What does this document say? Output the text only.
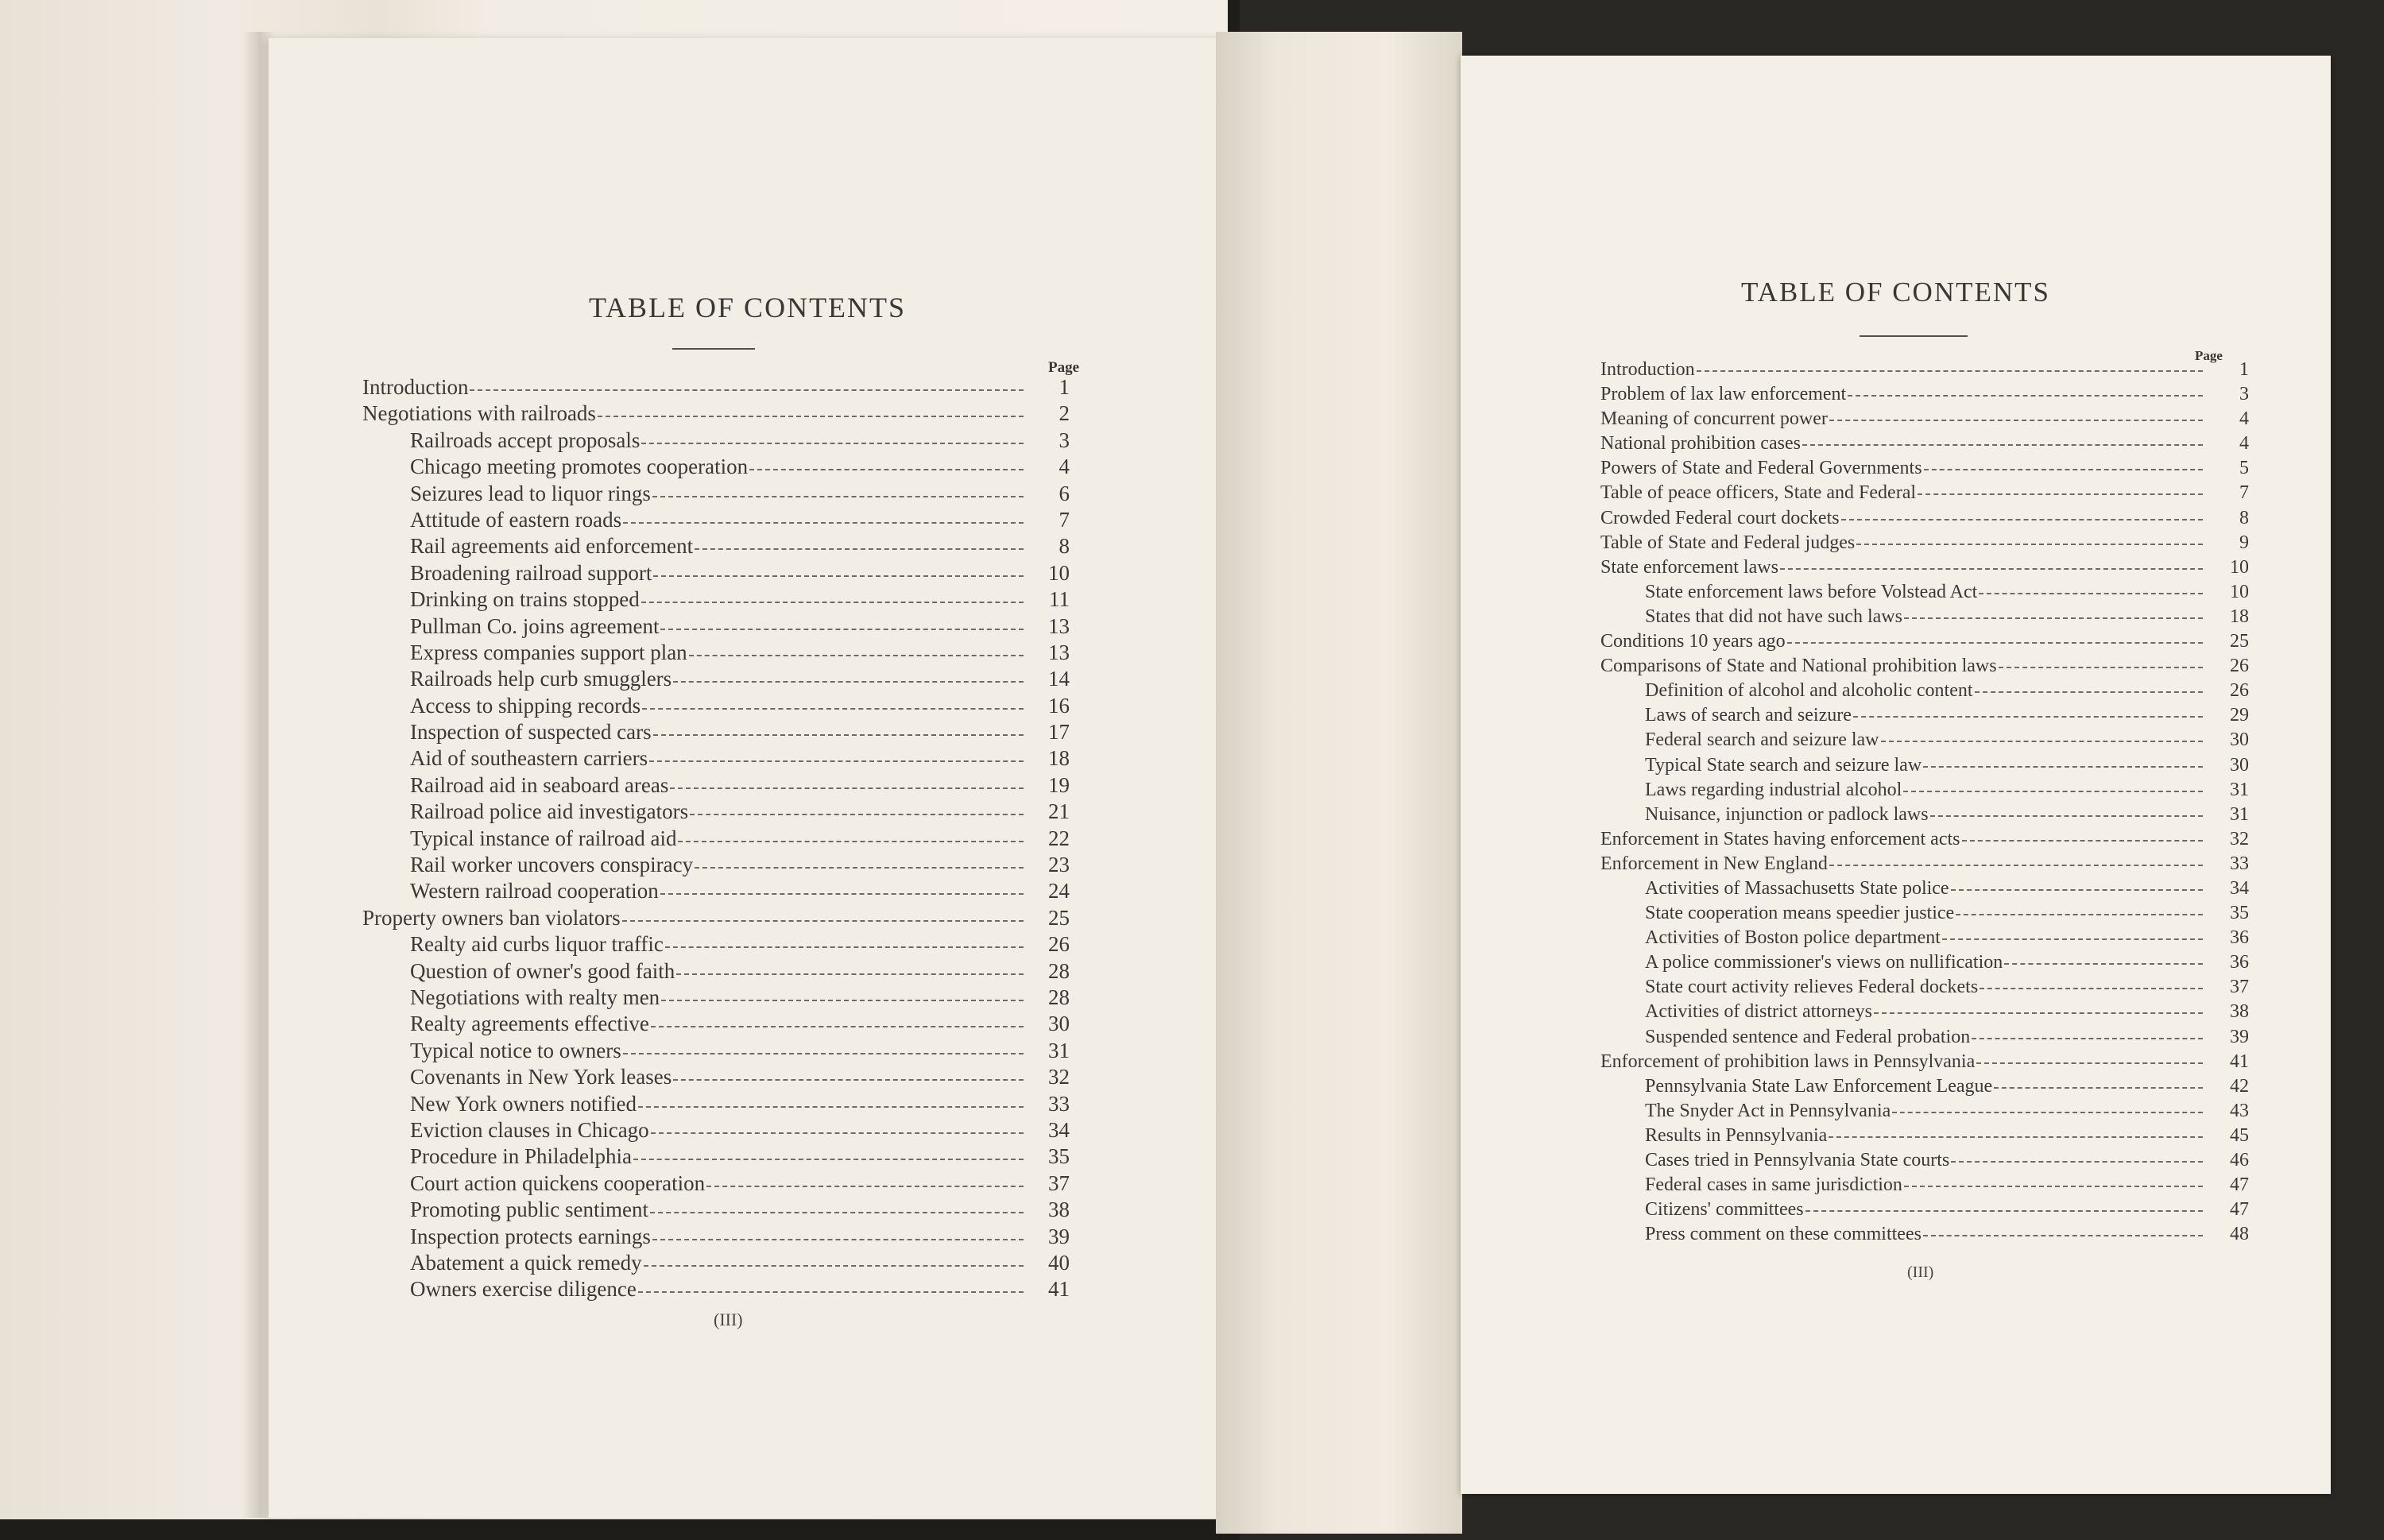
TABLE OF CONTENTS
Page
Introduction	1
Negotiations with railroads	2
Railroads accept proposals	3
Chicago meeting promotes cooperation	4
Seizures lead to liquor rings	6
Attitude of eastern roads	7
Rail agreements aid enforcement	8
Broadening railroad support	10
Drinking on trains stopped	11
Pullman Co. joins agreement	13
Express companies support plan	13
Railroads help curb smugglers	14
Access to shipping records	16
Inspection of suspected cars	17
Aid of southeastern carriers	18
Railroad aid in seaboard areas	19
Railroad police aid investigators	21
Typical instance of railroad aid	22
Rail worker uncovers conspiracy	23
Western railroad cooperation	24
Property owners ban violators	25
Realty aid curbs liquor traffic	26
Question of owner's good faith	28
Negotiations with realty men	28
Realty agreements effective	30
Typical notice to owners	31
Covenants in New York leases	32
New York owners notified	33
Eviction clauses in Chicago	34
Procedure in Philadelphia	35
Court action quickens cooperation	37
Promoting public sentiment	38
Inspection protects earnings	39
Abatement a quick remedy	40
Owners exercise diligence	41
(III)
TABLE OF CONTENTS
Page
Introduction	1
Problem of lax law enforcement	3
Meaning of concurrent power	4
National prohibition cases	4
Powers of State and Federal Governments	5
Table of peace officers, State and Federal	7
Crowded Federal court dockets	8
Table of State and Federal judges	9
State enforcement laws	10
State enforcement laws before Volstead Act	10
States that did not have such laws	18
Conditions 10 years ago	25
Comparisons of State and National prohibition laws	26
Definition of alcohol and alcoholic content	26
Laws of search and seizure	29
Federal search and seizure law	30
Typical State search and seizure law	30
Laws regarding industrial alcohol	31
Nuisance, injunction or padlock laws	31
Enforcement in States having enforcement acts	32
Enforcement in New England	33
Activities of Massachusetts State police	34
State cooperation means speedier justice	35
Activities of Boston police department	36
A police commissioner's views on nullification	36
State court activity relieves Federal dockets	37
Activities of district attorneys	38
Suspended sentence and Federal probation	39
Enforcement of prohibition laws in Pennsylvania	41
Pennsylvania State Law Enforcement League	42
The Snyder Act in Pennsylvania	43
Results in Pennsylvania	45
Cases tried in Pennsylvania State courts	46
Federal cases in same jurisdiction	47
Citizens' committees	47
Press comment on these committees	48
(III)
